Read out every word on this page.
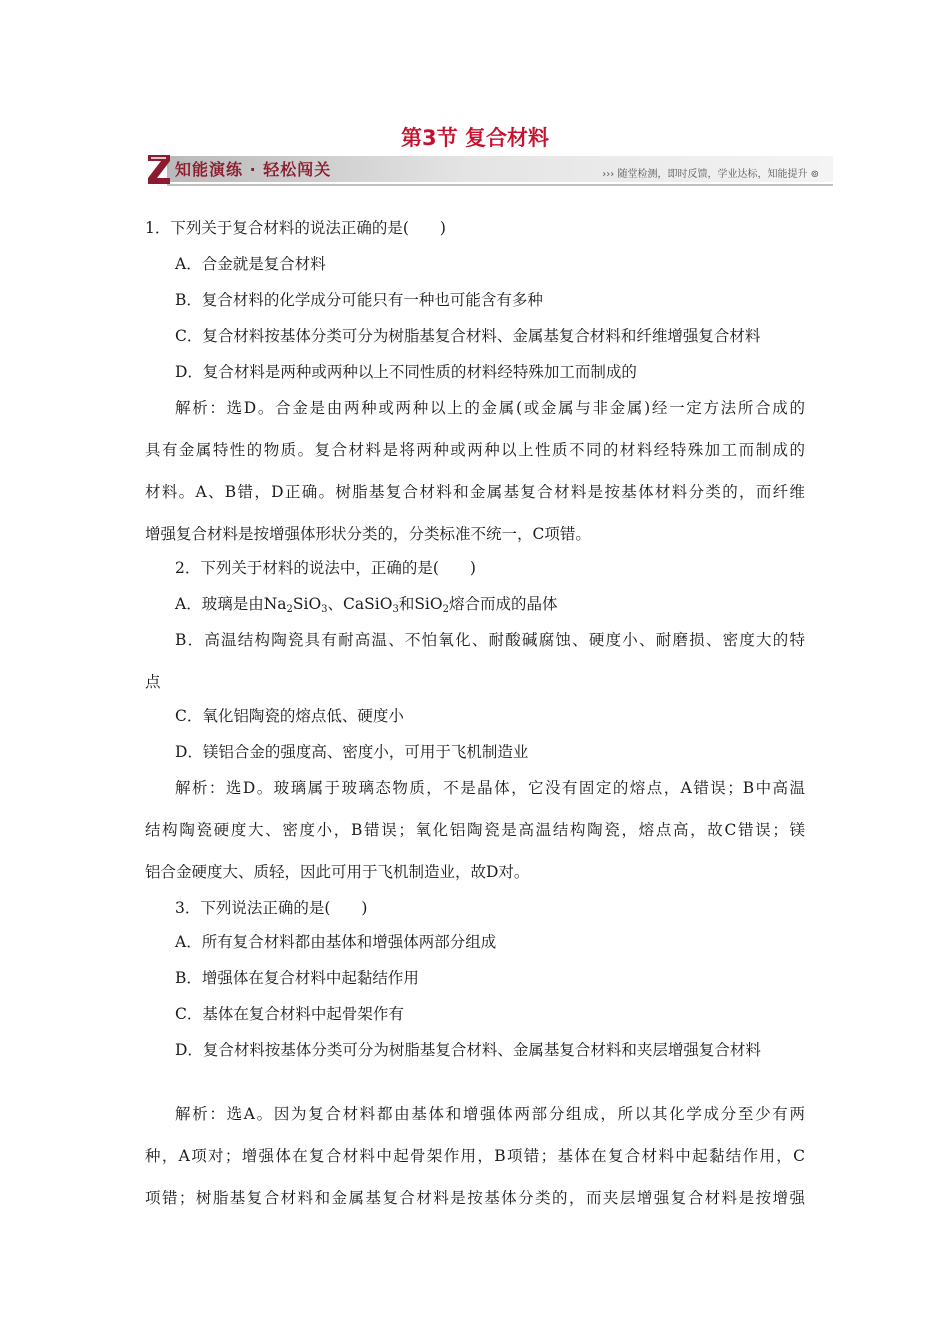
第3节 复合材料
知能演练 · 轻松闯关	››› 随堂检测，即时反馈，学业达标，知能提升 ⊚
1．下列关于复合材料的说法正确的是(　　)
A．合金就是复合材料
B．复合材料的化学成分可能只有一种也可能含有多种
C．复合材料按基体分类可分为树脂基复合材料、金属基复合材料和纤维增强复合材料
D．复合材料是两种或两种以上不同性质的材料经特殊加工而制成的
解析：选D。合金是由两种或两种以上的金属(或金属与非金属)经一定方法所合成的
具有金属特性的物质。复合材料是将两种或两种以上性质不同的材料经特殊加工而制成的
材料。A、B错，D正确。树脂基复合材料和金属基复合材料是按基体材料分类的，而纤维
增强复合材料是按增强体形状分类的，分类标准不统一，C项错。
2．下列关于材料的说法中，正确的是(　　)
A．玻璃是由$Na_2SiO_3$、CaSiO$_3$和SiO$_2$熔合而成的晶体
B．高温结构陶瓷具有耐高温、不怕氧化、耐酸碱腐蚀、硬度小、耐磨损、密度大的特
点
C．氧化铝陶瓷的熔点低、硬度小
D．镁铝合金的强度高、密度小，可用于飞机制造业
解析：选D。玻璃属于玻璃态物质，不是晶体，它没有固定的熔点，A错误；B中高温
结构陶瓷硬度大、密度小，B错误；氧化铝陶瓷是高温结构陶瓷，熔点高，故C错误；镁
铝合金硬度大、质轻，因此可用于飞机制造业，故D对。
3．下列说法正确的是(　　)
A．所有复合材料都由基体和增强体两部分组成
B．增强体在复合材料中起黏结作用
C．基体在复合材料中起骨架作有
D．复合材料按基体分类可分为树脂基复合材料、金属基复合材料和夹层增强复合材料
解析：选A。因为复合材料都由基体和增强体两部分组成，所以其化学成分至少有两
种，A项对；增强体在复合材料中起骨架作用，B项错；基体在复合材料中起黏结作用，C
项错；树脂基复合材料和金属基复合材料是按基体分类的，而夹层增强复合材料是按增强
